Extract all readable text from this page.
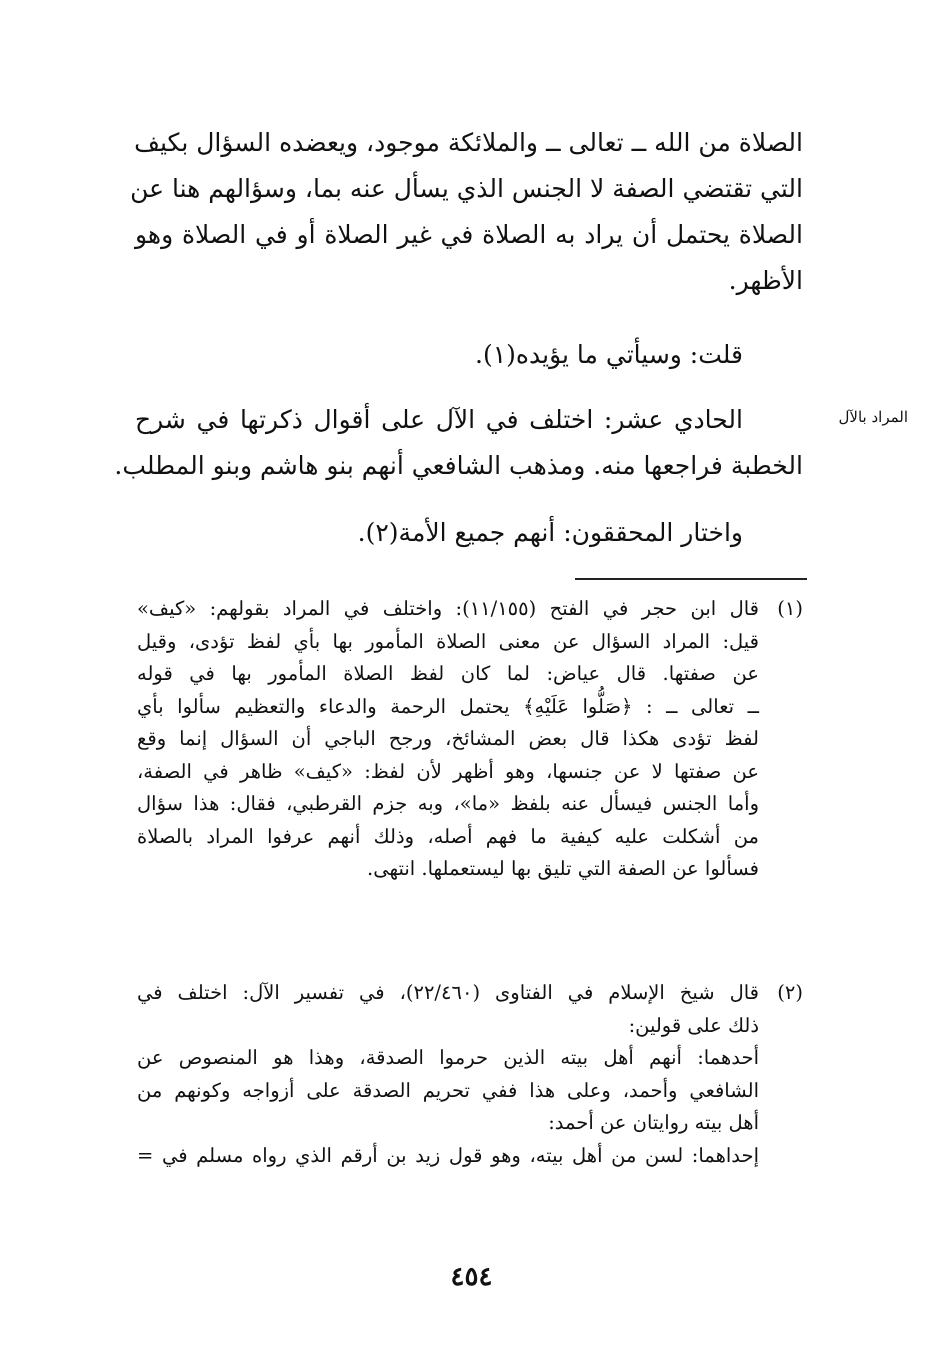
الصلاة من الله ــ تعالى ــ والملائكة موجود، ويعضده السؤال بكيف
التي تقتضي الصفة لا الجنس الذي يسأل عنه بما، وسؤالهم هنا عن
الصلاة يحتمل أن يراد به الصلاة في غير الصلاة أو في الصلاة وهو
الأظهر.
قلت: وسيأتي ما يؤيده(١).
المراد بالآل
الحادي عشر: اختلف في الآل على أقوال ذكرتها في شرح
الخطبة فراجعها منه. ومذهب الشافعي أنهم بنو هاشم وبنو المطلب.
واختار المحققون: أنهم جميع الأمة(٢).
(١)
قال ابن حجر في الفتح (١١/١٥٥): واختلف في المراد بقولهم: «كيف»
قيل: المراد السؤال عن معنى الصلاة المأمور بها بأي لفظ تؤدى، وقيل
عن صفتها. قال عياض: لما كان لفظ الصلاة المأمور بها في قوله
ــ تعالى ــ : ﴿صَلُّوا عَلَيْهِ﴾ يحتمل الرحمة والدعاء والتعظيم سألوا بأي
لفظ تؤدى هكذا قال بعض المشائخ، ورجح الباجي أن السؤال إنما وقع
عن صفتها لا عن جنسها، وهو أظهر لأن لفظ: «كيف» ظاهر في الصفة،
وأما الجنس فيسأل عنه بلفظ «ما»، وبه جزم القرطبي، فقال: هذا سؤال
من أشكلت عليه كيفية ما فهم أصله، وذلك أنهم عرفوا المراد بالصلاة
فسألوا عن الصفة التي تليق بها ليستعملها. انتهى.
(٢)
قال شيخ الإسلام في الفتاوى (٢٢/٤٦٠)، في تفسير الآل: اختلف في
ذلك على قولين:
أحدهما: أنهم أهل بيته الذين حرموا الصدقة، وهذا هو المنصوص عن
الشافعي وأحمد، وعلى هذا ففي تحريم الصدقة على أزواجه وكونهم من
أهل بيته روايتان عن أحمد:
إحداهما: لسن من أهل بيته، وهو قول زيد بن أرقم الذي رواه مسلم في =
٤٥٤
